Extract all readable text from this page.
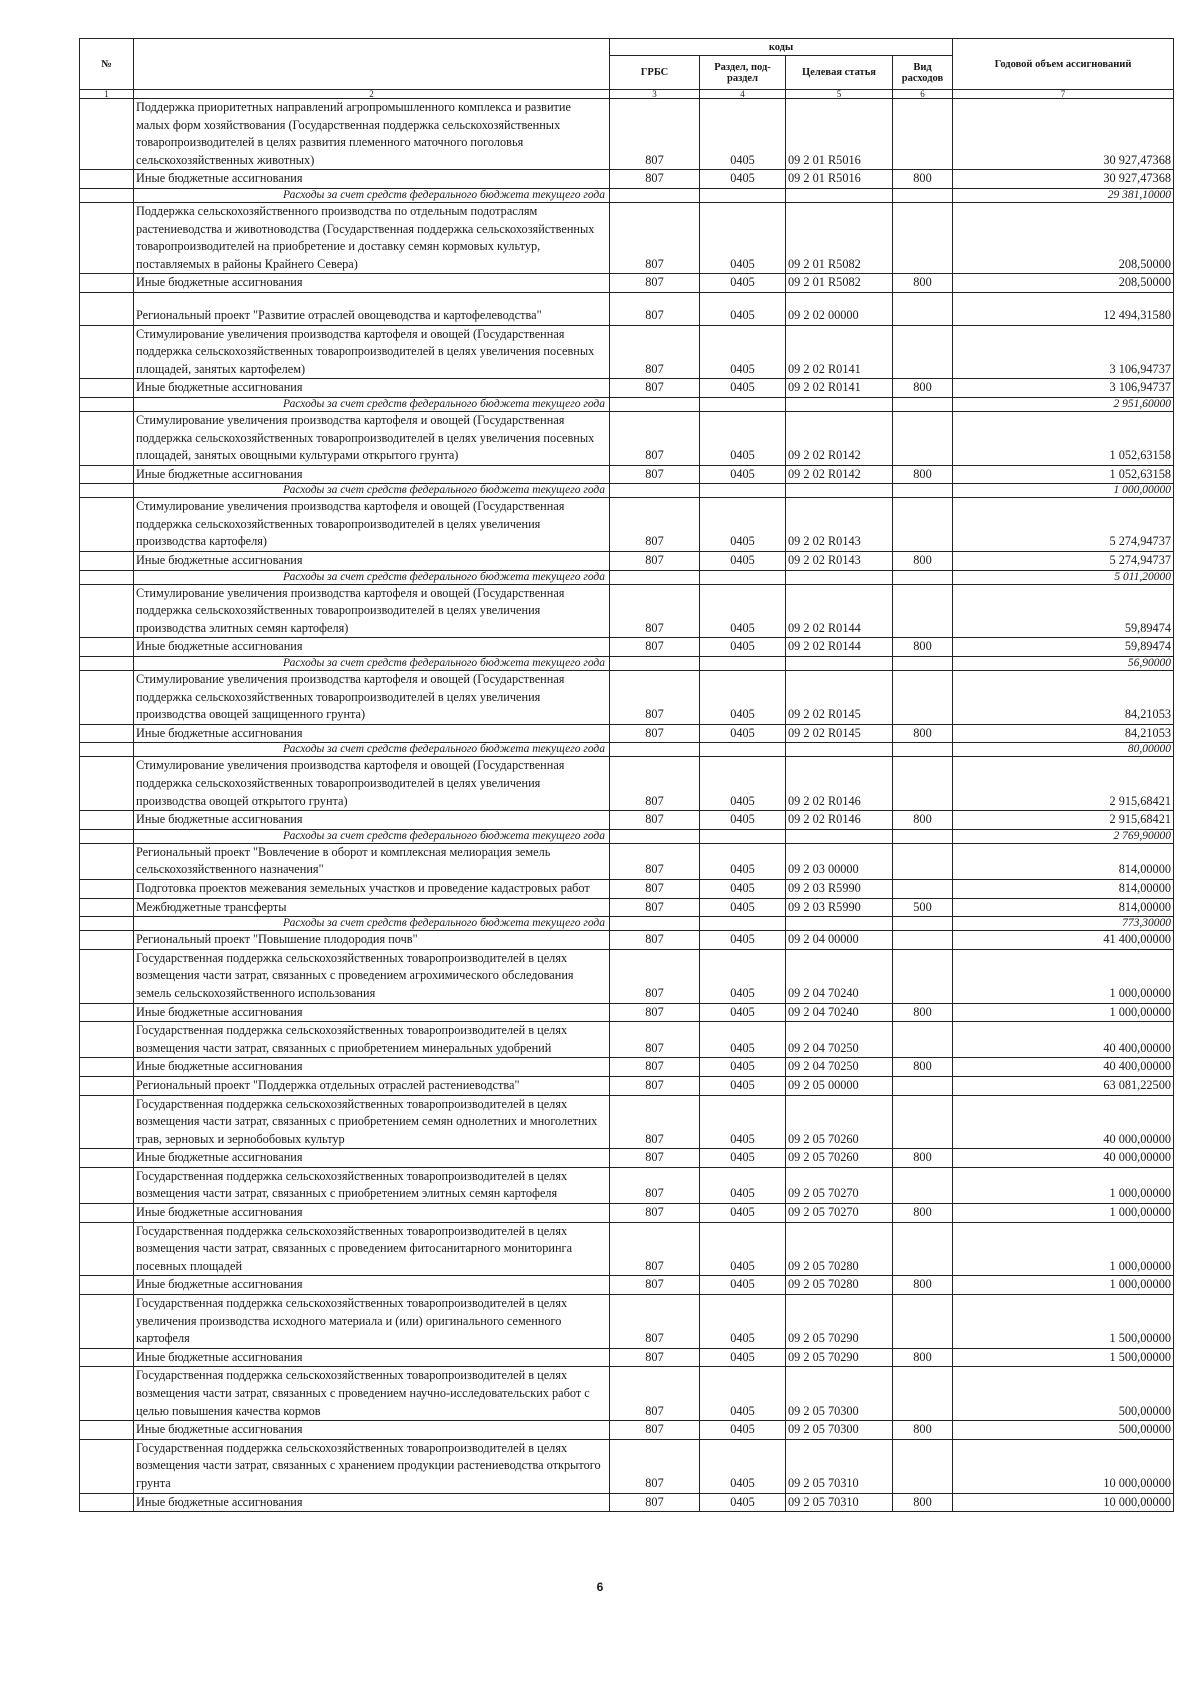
№		коды				Годовой объем ассигнований
		ГРБС	Раздел, под-раздел	Целевая статья	Вид расходов	
1	2	3	4	5	6	7
	Поддержка приоритетных направлений агропромышленного комплекса и развитие малых форм хозяйствования (Государственная поддержка сельскохозяйственных товаропроизводителей в целях развития племенного маточного поголовья сельскохозяйственных животных)	807	0405	09 2 01 R5016		30 927,47368
	Иные бюджетные ассигнования	807	0405	09 2 01 R5016	800	30 927,47368
	Расходы за счет средств федерального бюджета текущего года					29 381,10000
	Поддержка сельскохозяйственного производства по отдельным подотраслям растениеводства и животноводства (Государственная поддержка сельскохозяйственных товаропроизводителей на приобретение и доставку семян кормовых культур, поставляемых в районы Крайнего Севера)	807	0405	09 2 01 R5082		208,50000
	Иные бюджетные ассигнования	807	0405	09 2 01 R5082	800	208,50000
	Региональный проект "Развитие отраслей овощеводства и картофелеводства"	807	0405	09 2 02 00000		12 494,31580
	Стимулирование увеличения производства картофеля и овощей (Государственная поддержка сельскохозяйственных товаропроизводителей в целях увеличения посевных площадей, занятых картофелем)	807	0405	09 2 02 R0141		3 106,94737
	Иные бюджетные ассигнования	807	0405	09 2 02 R0141	800	3 106,94737
	Расходы за счет средств федерального бюджета текущего года					2 951,60000
	Стимулирование увеличения производства картофеля и овощей (Государственная поддержка сельскохозяйственных товаропроизводителей в целях увеличения посевных площадей, занятых овощными культурами открытого грунта)	807	0405	09 2 02 R0142		1 052,63158
	Иные бюджетные ассигнования	807	0405	09 2 02 R0142	800	1 052,63158
	Расходы за счет средств федерального бюджета текущего года					1 000,00000
	Стимулирование увеличения производства картофеля и овощей (Государственная поддержка сельскохозяйственных товаропроизводителей в целях увеличения производства картофеля)	807	0405	09 2 02 R0143		5 274,94737
	Иные бюджетные ассигнования	807	0405	09 2 02 R0143	800	5 274,94737
	Расходы за счет средств федерального бюджета текущего года					5 011,20000
	Стимулирование увеличения производства картофеля и овощей (Государственная поддержка сельскохозяйственных товаропроизводителей в целях увеличения производства элитных семян картофеля)	807	0405	09 2 02 R0144		59,89474
	Иные бюджетные ассигнования	807	0405	09 2 02 R0144	800	59,89474
	Расходы за счет средств федерального бюджета текущего года					56,90000
	Стимулирование увеличения производства картофеля и овощей (Государственная поддержка сельскохозяйственных товаропроизводителей в целях увеличения производства овощей защищенного грунта)	807	0405	09 2 02 R0145		84,21053
	Иные бюджетные ассигнования	807	0405	09 2 02 R0145	800	84,21053
	Расходы за счет средств федерального бюджета текущего года					80,00000
	Стимулирование увеличения производства картофеля и овощей (Государственная поддержка сельскохозяйственных товаропроизводителей в целях увеличения производства овощей открытого грунта)	807	0405	09 2 02 R0146		2 915,68421
	Иные бюджетные ассигнования	807	0405	09 2 02 R0146	800	2 915,68421
	Расходы за счет средств федерального бюджета текущего года					2 769,90000
	Региональный проект "Вовлечение в оборот и комплексная мелиорация земель сельскохозяйственного назначения"	807	0405	09 2 03 00000		814,00000
	Подготовка проектов межевания земельных участков и проведение кадастровых работ	807	0405	09 2 03 R5990		814,00000
	Межбюджетные трансферты	807	0405	09 2 03 R5990	500	814,00000
	Расходы за счет средств федерального бюджета текущего года					773,30000
	Региональный проект "Повышение плодородия почв"	807	0405	09 2 04 00000		41 400,00000
	Государственная поддержка сельскохозяйственных товаропроизводителей в целях возмещения части затрат, связанных с проведением агрохимического обследования земель сельскохозяйственного использования	807	0405	09 2 04 70240		1 000,00000
	Иные бюджетные ассигнования	807	0405	09 2 04 70240	800	1 000,00000
	Государственная поддержка сельскохозяйственных товаропроизводителей в целях возмещения части затрат, связанных с приобретением минеральных удобрений	807	0405	09 2 04 70250		40 400,00000
	Иные бюджетные ассигнования	807	0405	09 2 04 70250	800	40 400,00000
	Региональный проект "Поддержка отдельных отраслей растениеводства"	807	0405	09 2 05 00000		63 081,22500
	Государственная поддержка сельскохозяйственных товаропроизводителей в целях возмещения части затрат, связанных с приобретением семян однолетних и многолетних трав, зерновых и зернобобовых культур	807	0405	09 2 05 70260		40 000,00000
	Иные бюджетные ассигнования	807	0405	09 2 05 70260	800	40 000,00000
	Государственная поддержка сельскохозяйственных товаропроизводителей в целях возмещения части затрат, связанных с приобретением элитных семян картофеля	807	0405	09 2 05 70270		1 000,00000
	Иные бюджетные ассигнования	807	0405	09 2 05 70270	800	1 000,00000
	Государственная поддержка сельскохозяйственных товаропроизводителей в целях возмещения части затрат, связанных с проведением фитосанитарного мониторинга посевных площадей	807	0405	09 2 05 70280		1 000,00000
	Иные бюджетные ассигнования	807	0405	09 2 05 70280	800	1 000,00000
	Государственная поддержка сельскохозяйственных товаропроизводителей в целях увеличения производства исходного материала и (или) оригинального семенного картофеля	807	0405	09 2 05 70290		1 500,00000
	Иные бюджетные ассигнования	807	0405	09 2 05 70290	800	1 500,00000
	Государственная поддержка сельскохозяйственных товаропроизводителей в целях возмещения части затрат, связанных с проведением научно-исследовательских работ с целью повышения качества кормов	807	0405	09 2 05 70300		500,00000
	Иные бюджетные ассигнования	807	0405	09 2 05 70300	800	500,00000
	Государственная поддержка сельскохозяйственных товаропроизводителей в целях возмещения части затрат, связанных с хранением продукции растениеводства открытого грунта	807	0405	09 2 05 70310		10 000,00000
	Иные бюджетные ассигнования	807	0405	09 2 05 70310	800	10 000,00000
6
